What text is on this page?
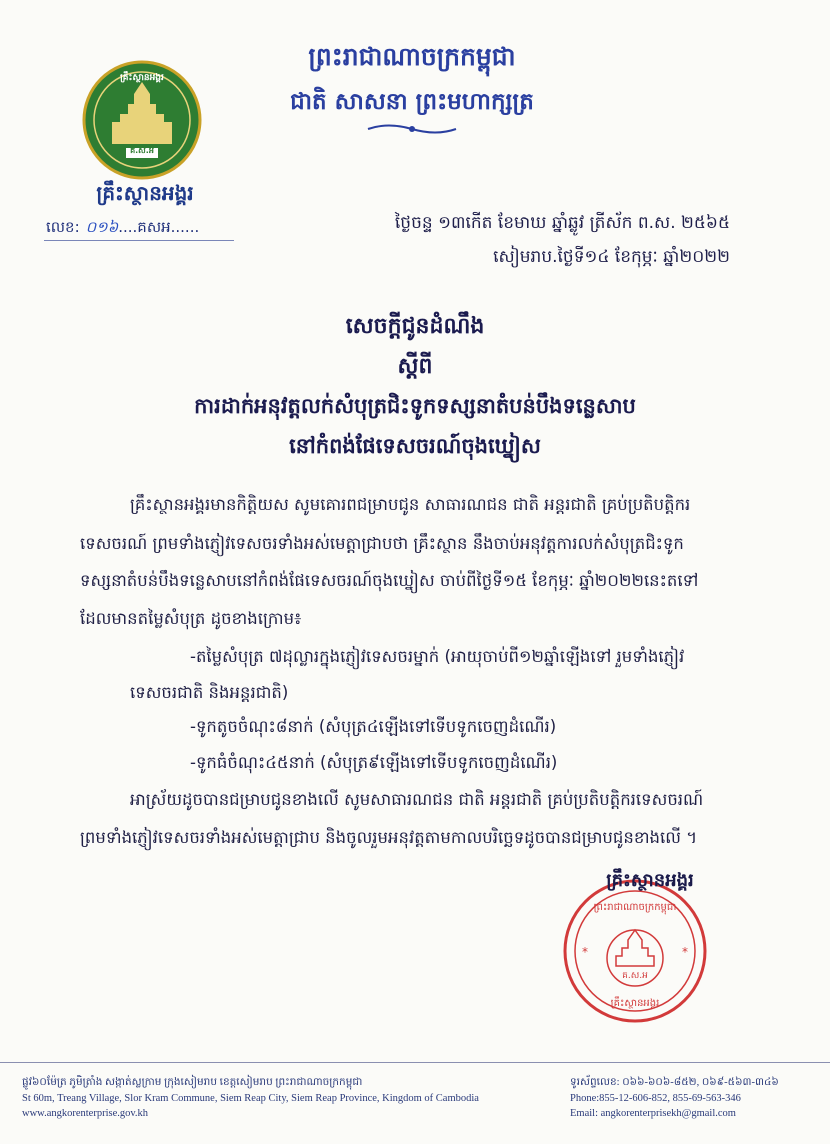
គ្រឹះស្ថានអង្គរ
គ.ស.អ
គ្រឹះស្ថានអង្គរ
លេខ: ០១៦....គសអ......
ព្រះរាជាណាចក្រកម្ពុជា
ជាតិ សាសនា ព្រះមហាក្សត្រ
ថ្ងៃចន្ទ ១៣កើត ខែមាឃ ឆ្នាំឆ្លូវ ត្រីស័ក ព.ស. ២៥៦៥
សៀមរាប.ថ្ងៃទី១៤ ខែកុម្ភៈ ឆ្នាំ២០២២
សេចក្តីជូនដំណឹង
ស្តីពី
ការដាក់អនុវត្តលក់សំបុត្រជិះទូកទស្សនាតំបន់បឹងទន្លេសាប
នៅកំពង់ផែទេសចរណ៍ចុងឃ្នៀស
គ្រឹះស្ថានអង្គរមានកិត្តិយស សូមគោរពជម្រាបជូន សាធារណជន ជាតិ អន្តរជាតិ គ្រប់ប្រតិបត្តិករ
ទេសចរណ៍ ព្រមទាំងភ្ញៀវទេសចរទាំងអស់មេត្តាជ្រាបថា គ្រឹះស្ថាន នឹងចាប់អនុវត្តការលក់សំបុត្រជិះទូក
ទស្សនាតំបន់បឹងទន្លេសាបនៅកំពង់ផែទេសចរណ៍ចុងឃ្នៀស ចាប់ពីថ្ងៃទី១៥ ខែកុម្ភៈ ឆ្នាំ២០២២នេះតទៅ
ដែលមានតម្លៃសំបុត្រ ដូចខាងក្រោម៖
-តម្លៃសំបុត្រ ៧ដុល្លារក្នុងភ្ញៀវទេសចរម្នាក់ (អាយុចាប់ពី១២ឆ្នាំឡើងទៅ រួមទាំងភ្ញៀវ
ទេសចរជាតិ និងអន្តរជាតិ)
-ទូកតូចចំណុះ៨នាក់ (សំបុត្រ៤ឡើងទៅទើបទូកចេញដំណើរ)
-ទូកធំចំណុះ៤៥នាក់ (សំបុត្រ៩ឡើងទៅទើបទូកចេញដំណើរ)
អាស្រ័យដូចបានជម្រាបជូនខាងលើ សូមសាធារណជន ជាតិ អន្តរជាតិ គ្រប់ប្រតិបត្តិករទេសចរណ៍
ព្រមទាំងភ្ញៀវទេសចរទាំងអស់មេត្តាជ្រាប និងចូលរួមអនុវត្តតាមកាលបរិច្ឆេទដូចបានជម្រាបជូនខាងលើ ។
*	*
ព្រះរាជាណាចក្រកម្ពុជា
គ.ស.អ
គ្រឹះស្ថានអង្គរ
គ្រឹះស្ថានអង្គរ
ផ្លូវ៦០ម៉ែត្រ ភូមិត្រាំង សង្កាត់ស្លក្រាម ក្រុងសៀមរាប ខេត្តសៀមរាប ព្រះរាជាណាចក្រកម្ពុជា
St 60m, Treang Village, Slor Kram Commune, Siem Reap City, Siem Reap Province, Kingdom of Cambodia
www.angkorenterprise.gov.kh
ទូរស័ព្ទលេខ: ០៦៦-៦០៦-៨៥២, ០៦៩-៥៦៣-៣៤៦
Phone:855-12-606-852, 855-69-563-346
Email: angkorenterprisekh@gmail.com
